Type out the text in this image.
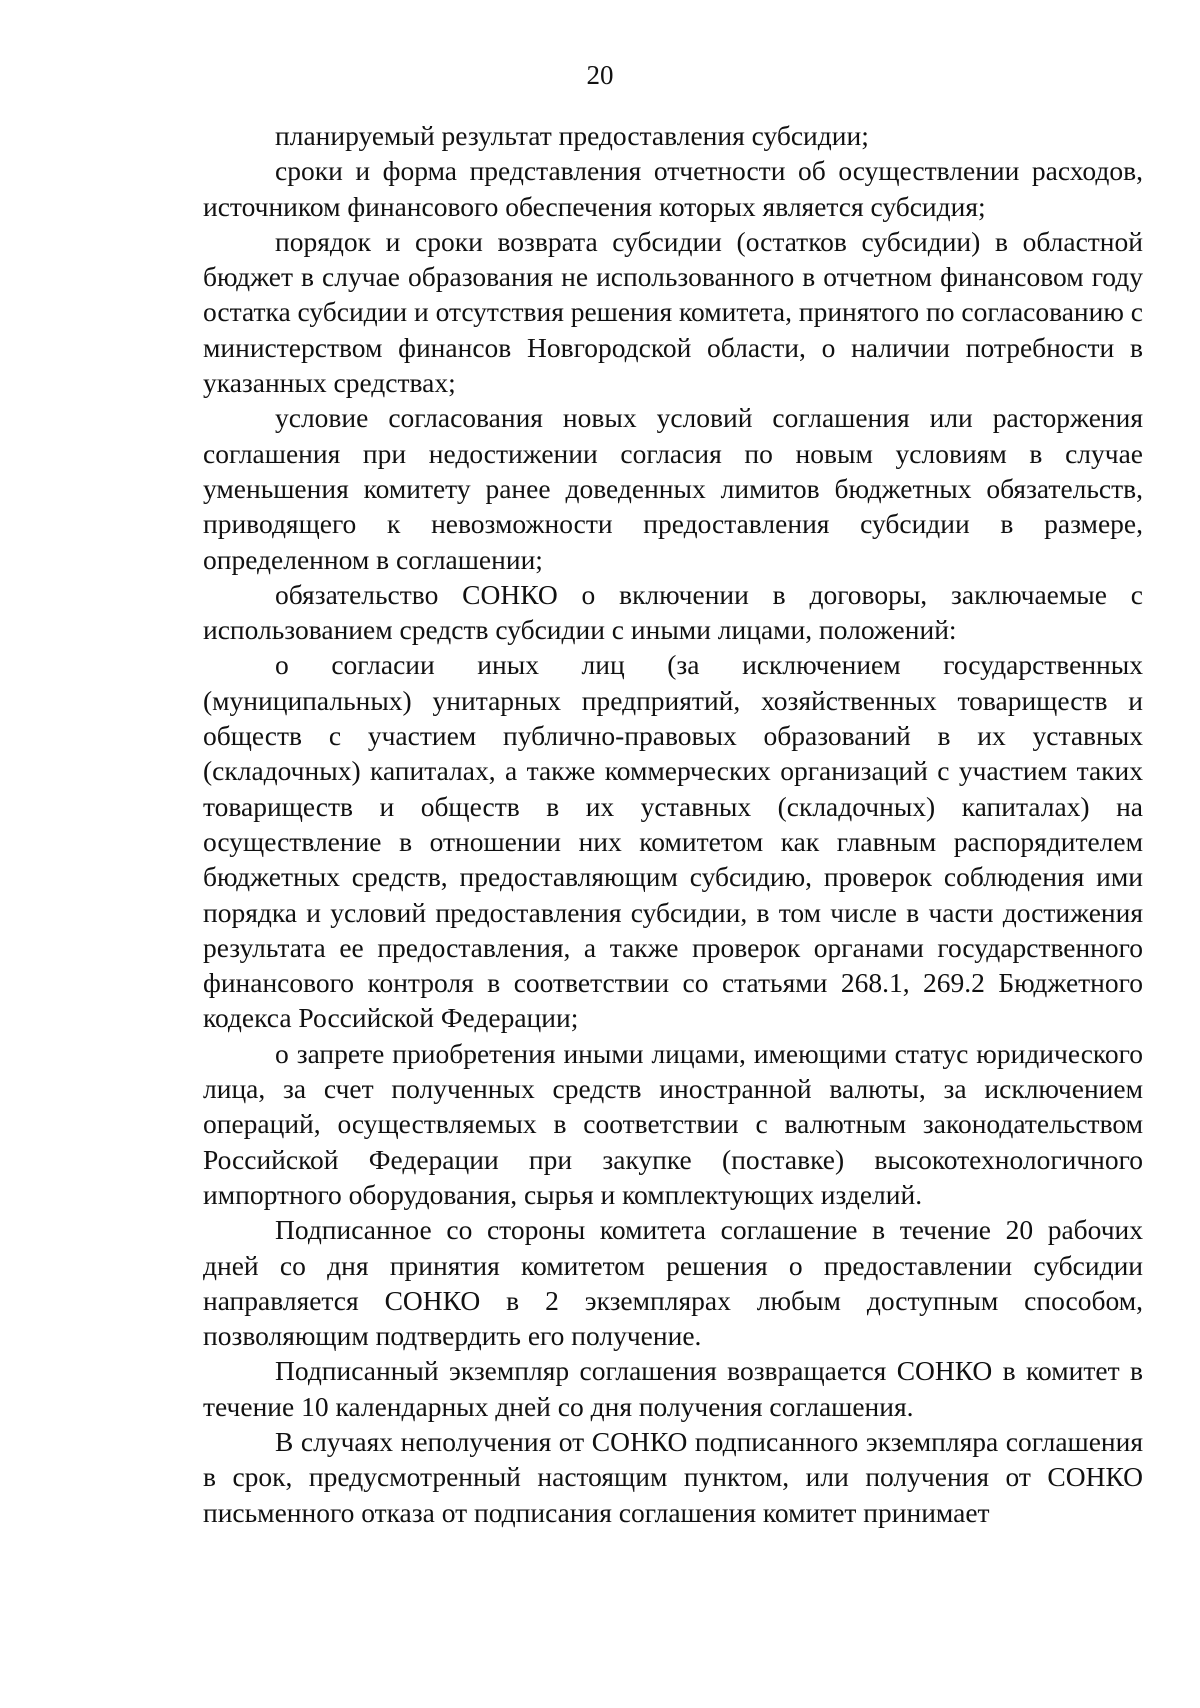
20

планируемый результат предоставления субсидии;

сроки и форма представления отчетности об осуществлении расходов, источником финансового обеспечения которых является субсидия;

порядок и сроки возврата субсидии (остатков субсидии) в областной бюджет в случае образования не использованного в отчетном финансовом году остатка субсидии и отсутствия решения комитета, принятого по согласованию с министерством финансов Новгородской области, о наличии потребности в указанных средствах;

условие согласования новых условий соглашения или расторжения соглашения при недостижении согласия по новым условиям в случае уменьшения комитету ранее доведенных лимитов бюджетных обязательств, приводящего к невозможности предоставления субсидии в размере, определенном в соглашении;

обязательство СОНКО о включении в договоры, заключаемые с использованием средств субсидии с иными лицами, положений:

о согласии иных лиц (за исключением государственных (муниципальных) унитарных предприятий, хозяйственных товариществ и обществ с участием публично-правовых образований в их уставных (складочных) капиталах, а также коммерческих организаций с участием таких товариществ и обществ в их уставных (складочных) капиталах) на осуществление в отношении них комитетом как главным распорядителем бюджетных средств, предоставляющим субсидию, проверок соблюдения ими порядка и условий предоставления субсидии, в том числе в части достижения результата ее предоставления, а также проверок органами государственного финансового контроля в соответствии со статьями 268.1, 269.2 Бюджетного кодекса Российской Федерации;

о запрете приобретения иными лицами, имеющими статус юридического лица, за счет полученных средств иностранной валюты, за исключением операций, осуществляемых в соответствии с валютным законодательством Российской Федерации при закупке (поставке) высокотехнологичного импортного оборудования, сырья и комплектующих изделий.

Подписанное со стороны комитета соглашение в течение 20 рабочих дней со дня принятия комитетом решения о предоставлении субсидии направляется СОНКО в 2 экземплярах любым доступным способом, позволяющим подтвердить его получение.

Подписанный экземпляр соглашения возвращается СОНКО в комитет в течение 10 календарных дней со дня получения соглашения.

В случаях неполучения от СОНКО подписанного экземпляра соглашения в срок, предусмотренный настоящим пунктом, или получения от СОНКО письменного отказа от подписания соглашения комитет принимает
